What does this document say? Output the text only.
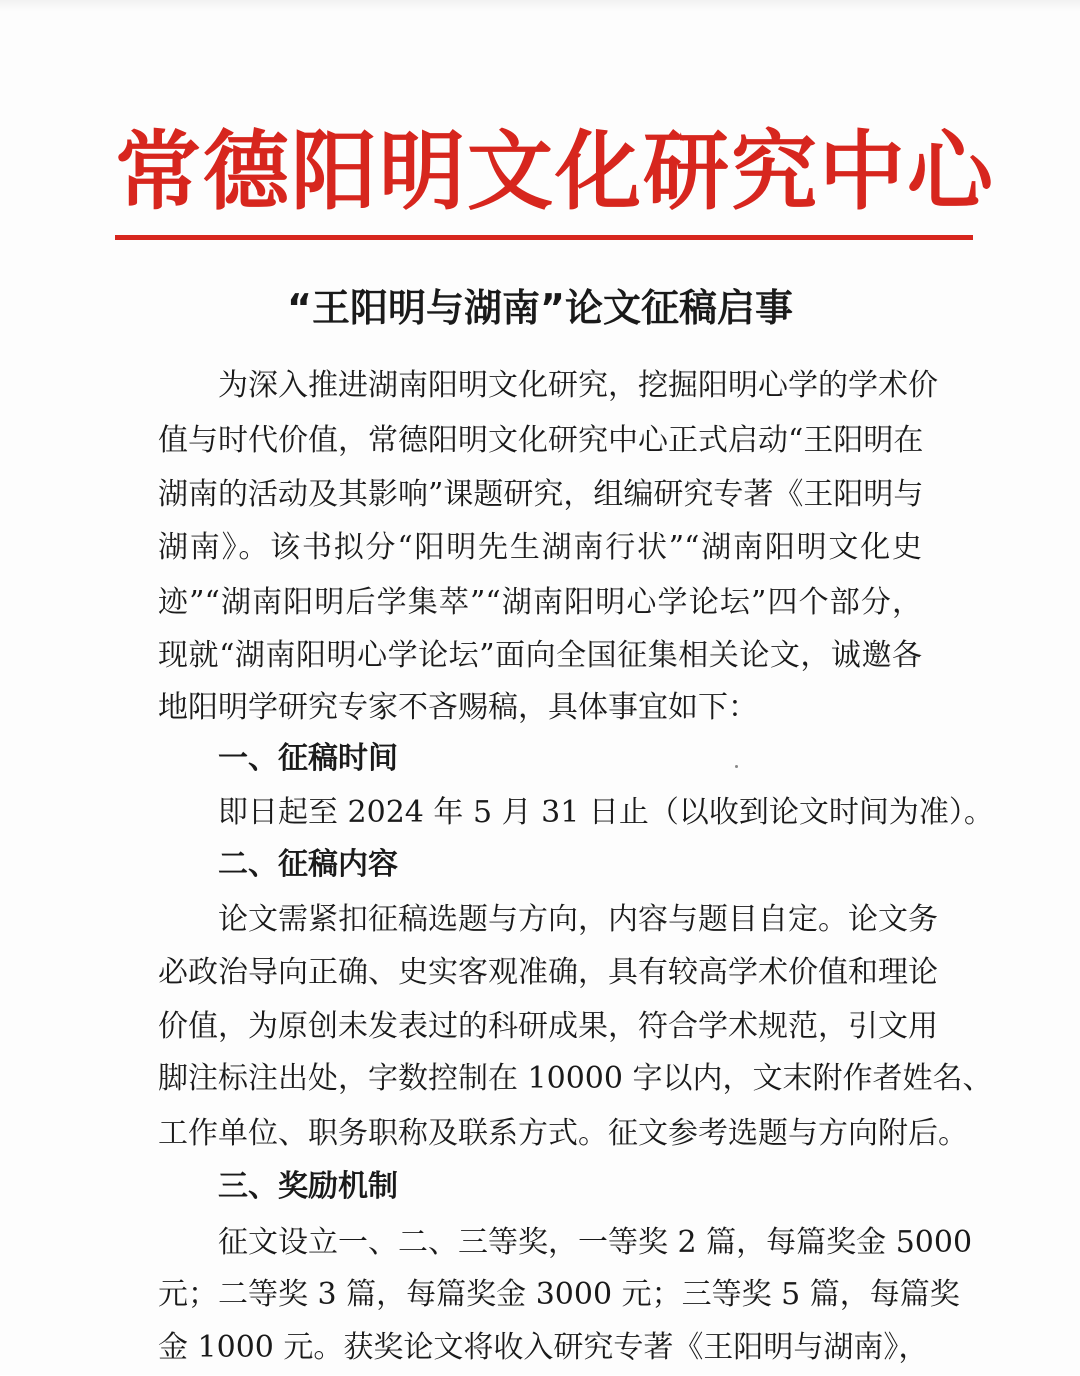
常德阳明文化研究中心
“王阳明与湖南”论文征稿启事
为深入推进湖南阳明文化研究，挖掘阳明心学的学术价
值与时代价值，常德阳明文化研究中心正式启动“王阳明在
湖南的活动及其影响”课题研究，组编研究专著《王阳明与
湖南》。该书拟分“阳明先生湖南行状”“湖南阳明文化史
迹”“湖南阳明后学集萃”“湖南阳明心学论坛”四个部分，
现就“湖南阳明心学论坛”面向全国征集相关论文，诚邀各
地阳明学研究专家不吝赐稿，具体事宜如下：
一、征稿时间
即日起至 2024 年 5 月 31 日止（以收到论文时间为准）。
二、征稿内容
论文需紧扣征稿选题与方向，内容与题目自定。论文务
必政治导向正确、史实客观准确，具有较高学术价值和理论
价值，为原创未发表过的科研成果，符合学术规范，引文用
脚注标注出处，字数控制在 10000 字以内，文末附作者姓名、
工作单位、职务职称及联系方式。征文参考选题与方向附后。
三、奖励机制
征文设立一、二、三等奖，一等奖 2 篇，每篇奖金 5000
元；二等奖 3 篇，每篇奖金 3000 元；三等奖 5 篇，每篇奖
金 1000 元。获奖论文将收入研究专著《王阳明与湖南》，
